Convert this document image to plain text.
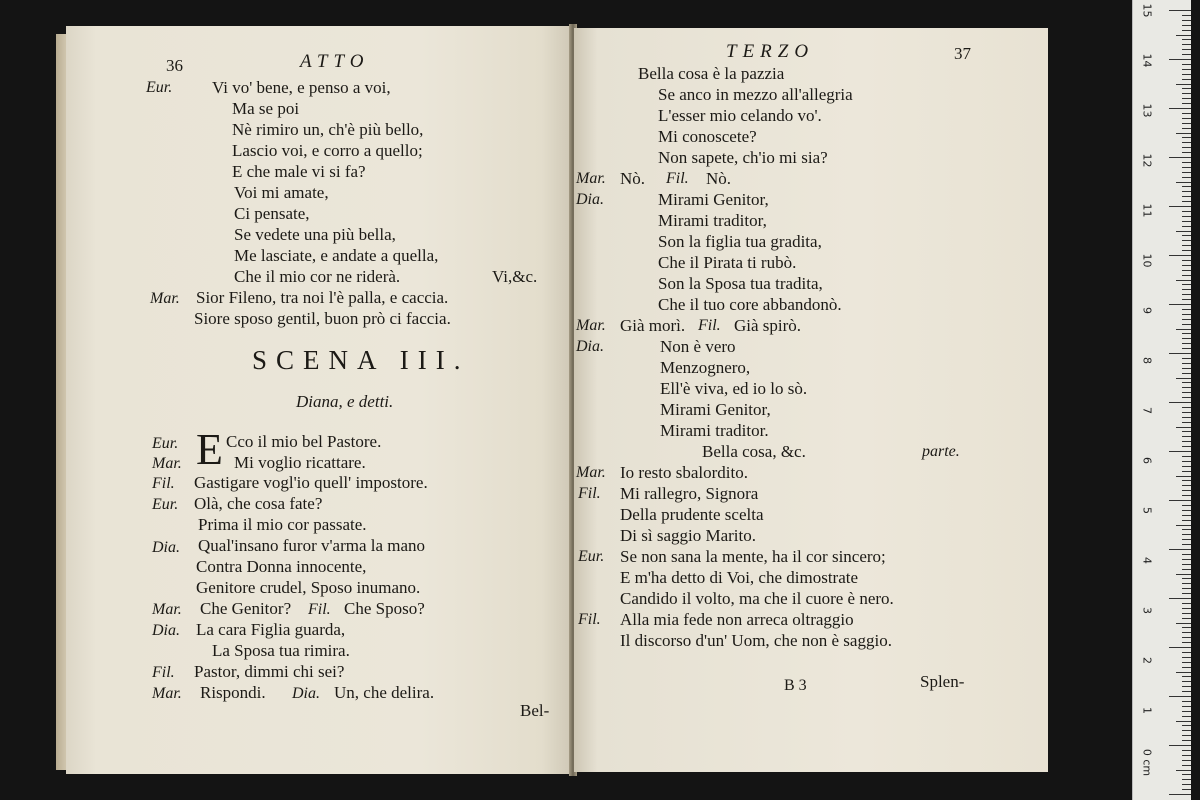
36	ATTO
Eur. Vi vo' bene, e penso a voi,
Ma se poi
Nè rimiro un, ch'è più bello,
Lascio voi, e corro a quello;
E che male vi si fa?
Voi mi amate,
Ci pensate,
Se vedete una più bella,
Me lasciate, e andate a quella,
Che il mio cor ne riderà.	Vi,&c.
Mar. Sior Fileno, tra noi l'è palla, e caccia.
Siore sposo gentil, buon prò ci faccia.
SCENA III.
Diana, e detti.
E
Eur.	Cco il mio bel Pastore.
Mar.	Mi voglio ricattare.
Fil. Gastigare vogl'io quell' impostore.
Eur. Olà, che cosa fate?
Prima il mio cor passate.
Dia. Qual'insano furor v'arma la mano
Contra Donna innocente,
Genitore crudel, Sposo inumano.
Mar. Che Genitor? Fil. Che Sposo?
Dia. La cara Figlia guarda,
La Sposa tua rimira.
Fil. Pastor, dimmi chi sei?
Mar. Rispondi. Dia. Un, che delira.
Bel-
TERZO	37
Bella cosa è la pazzia
Se anco in mezzo all'allegria
L'esser mio celando vo'.
Mi conoscete?
Non sapete, ch'io mi sia?
Mar. Nò. Fil. Nò.
Dia.	Mirami Genitor,
Mirami traditor,
Son la figlia tua gradita,
Che il Pirata ti rubò.
Son la Sposa tua tradita,
Che il tuo core abbandonò.
Mar. Già morì. Fil. Già spirò.
Dia.	Non è vero
Menzognero,
Ell'è viva, ed io lo sò.
Mirami Genitor,
Mirami traditor.
Bella cosa, &c.	parte.
Mar. Io resto sbalordito.
Fil. Mi rallegro, Signora
Della prudente scelta
Di sì saggio Marito.
Eur. Se non sana la mente, ha il cor sincero;
E m'ha detto di Voi, che dimostrate
Candido il volto, ma che il cuore è nero.
Fil. Alla mia fede non arreca oltraggio
Il discorso d'un' Uom, che non è saggio.
B 3	Splen-
15
14
13
12
11
10
9
8
7
6
5
4
3
2
1
0 cm
